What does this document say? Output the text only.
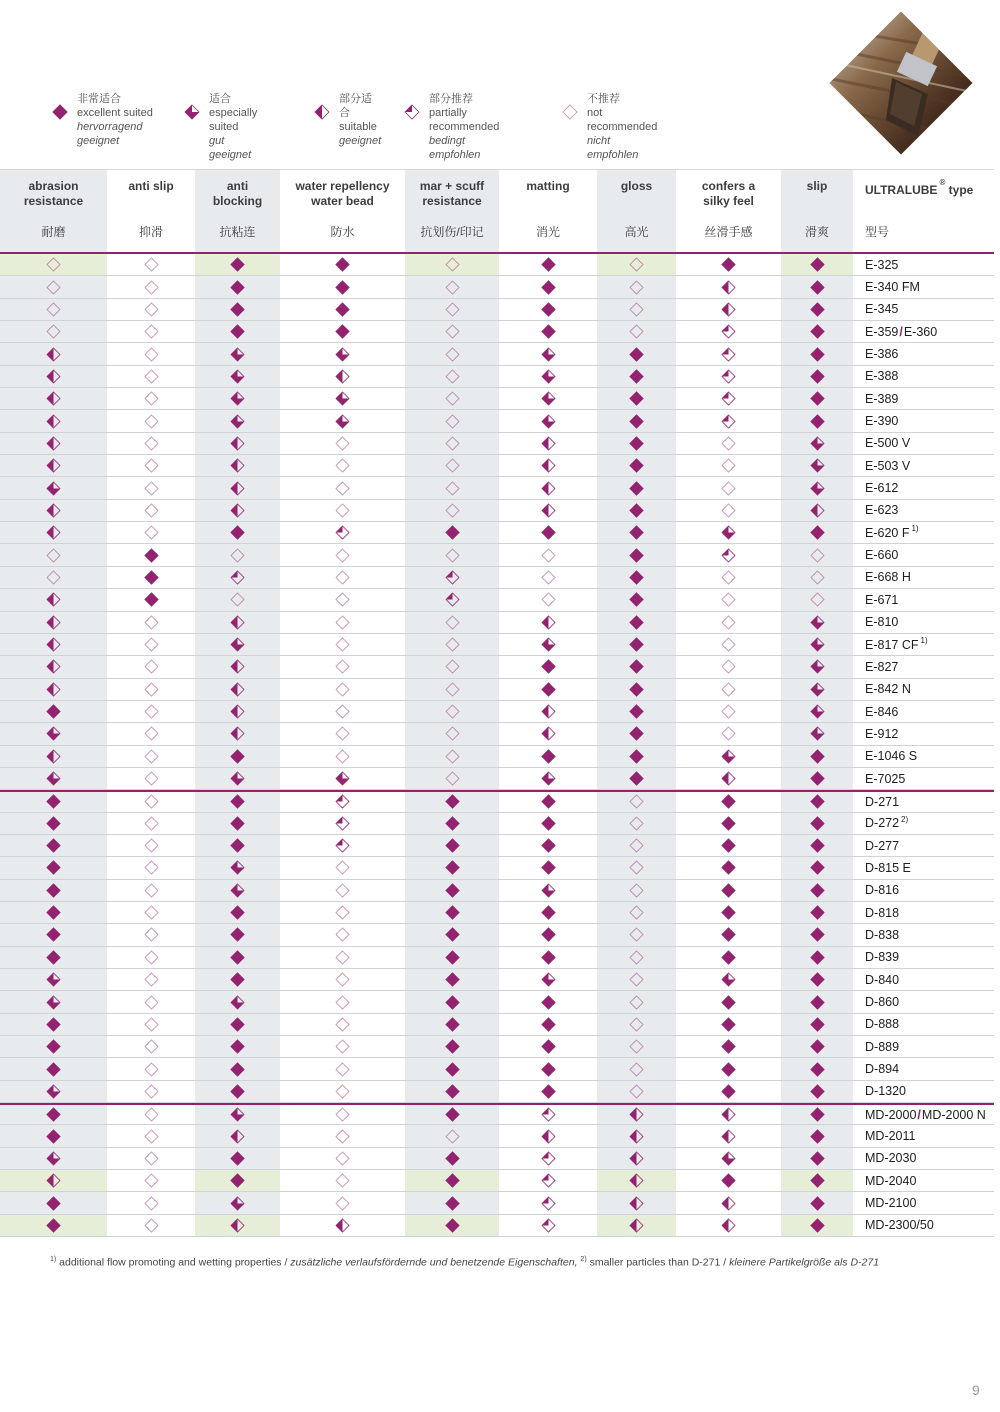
非常适合
excellent suited
hervorragend geeignet
适合
especially suited
gut geeignet
部分适合
suitable
geeignet
部分推荐
partially recommended
bedingt empfohlen
不推荐
not recommended
nicht empfohlen
abrasion resistance
耐磨
anti slip
抑滑
anti blocking
抗粘连
water repellency water bead
防水
mar + scuff resistance
抗划伤/印记
matting
消光
gloss
高光
confers a silky feel
丝滑手感
slip
滑爽
ULTRALUBE® type
型号
E-325
E-340 FM
E-345
E-359 / E-360
E-386
E-388
E-389
E-390
E-500 V
E-503 V
E-612
E-623
E-620 F $^{1)}$
E-660
E-668 H
E-671
E-810
E-817 CF $^{1)}$
E-827
E-842 N
E-846
E-912
E-1046 S
E-7025
D-271
D-272 $^{2)}$
D-277
D-815 E
D-816
D-818
D-838
D-839
D-840
D-860
D-888
D-889
D-894
D-1320
MD-2000 / MD-2000 N
MD-2011
MD-2030
MD-2040
MD-2100
MD-2300/50
$^{1)}$ additional flow promoting and wetting properties / zusätzliche verlaufsfördernde und benetzende Eigenschaften, $^{2)}$ smaller particles than D-271 / kleinere Partikelgröße als D-271
9
